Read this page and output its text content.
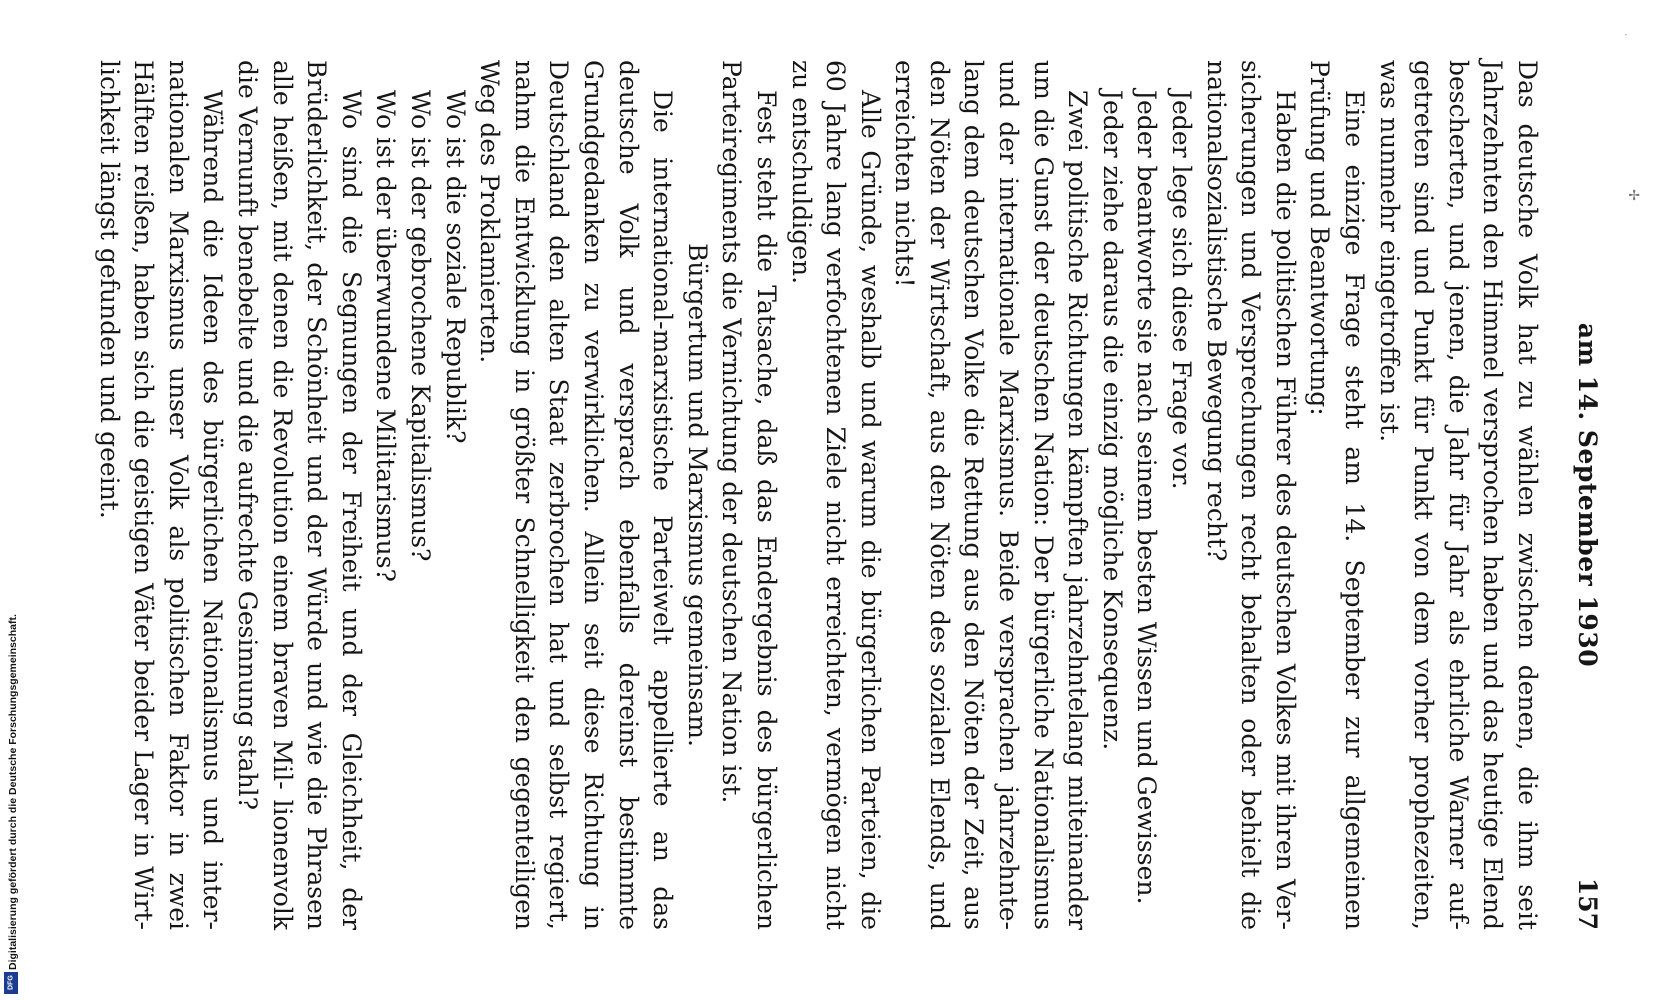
am 14. September 1930
157

Das deutsche Volk hat zu wählen zwischen denen, die ihm seit Jahrzehnten den Himmel versprochen haben und das heutige Elend bescherten, und jenen, die Jahr für Jahr als ehrliche Warner auf- getreten sind und Punkt für Punkt von dem vorher prophezeiten, was nunmehr eingetroffen ist.

Eine einzige Frage steht am 14. September zur allgemeinen Prüfung und Beantwortung:

Haben die politischen Führer des deutschen Volkes mit ihren Ver- sicherungen und Versprechungen recht behalten oder behielt die nationalsozialistische Bewegung recht?

Jeder lege sich diese Frage vor.

Jeder beantworte sie nach seinem besten Wissen und Gewissen.

Jeder ziehe daraus die einzig mögliche Konsequenz.

Zwei politische Richtungen kämpften jahrzehntelang miteinander um die Gunst der deutschen Nation: Der bürgerliche Nationalismus und der internationale Marxismus. Beide versprachen jahrzehnte- lang dem deutschen Volke die Rettung aus den Nöten der Zeit, aus den Nöten der Wirtschaft, aus den Nöten des sozialen Elends, und erreichten nichts!

Alle Gründe, weshalb und warum die bürgerlichen Parteien, die 60 Jahre lang verfochtenen Ziele nicht erreichten, vermögen nicht zu entschuldigen.

Fest steht die Tatsache, daß das Endergebnis des bürgerlichen Parteiregiments die Vernichtung der deutschen Nation ist.

Bürgertum und Marxismus gemeinsam.

Die international-marxistische Parteiwelt appellierte an das deutsche Volk und versprach ebenfalls dereinst bestimmte Grundgedanken zu verwirklichen. Allein seit diese Richtung in Deutschland den alten Staat zerbrochen hat und selbst regiert, nahm die Entwicklung in größter Schnelligkeit den gegenteiligen Weg des Proklamierten.

Wo ist die soziale Republik?

Wo ist der gebrochene Kapitalismus?

Wo ist der überwundene Militarismus?

Wo sind die Segnungen der Freiheit und der Gleichheit, der Brüderlichkeit, der Schönheit und der Würde und wie die Phrasen alle heißen, mit denen die Revolution einem braven Mil- lionenvolk die Vernunft benebelte und die aufrechte Gesinnung stahl?

Während die Ideen des bürgerlichen Nationalismus und inter- nationalen Marxismus unser Volk als politischen Faktor in zwei Hälften reißen, haben sich die geistigen Väter beider Lager in Wirt- lichkeit längst gefunden und geeint.	✢
·
Digitalisierung gefördert durch die Deutsche Forschungsgemeinschaft.
DFG
